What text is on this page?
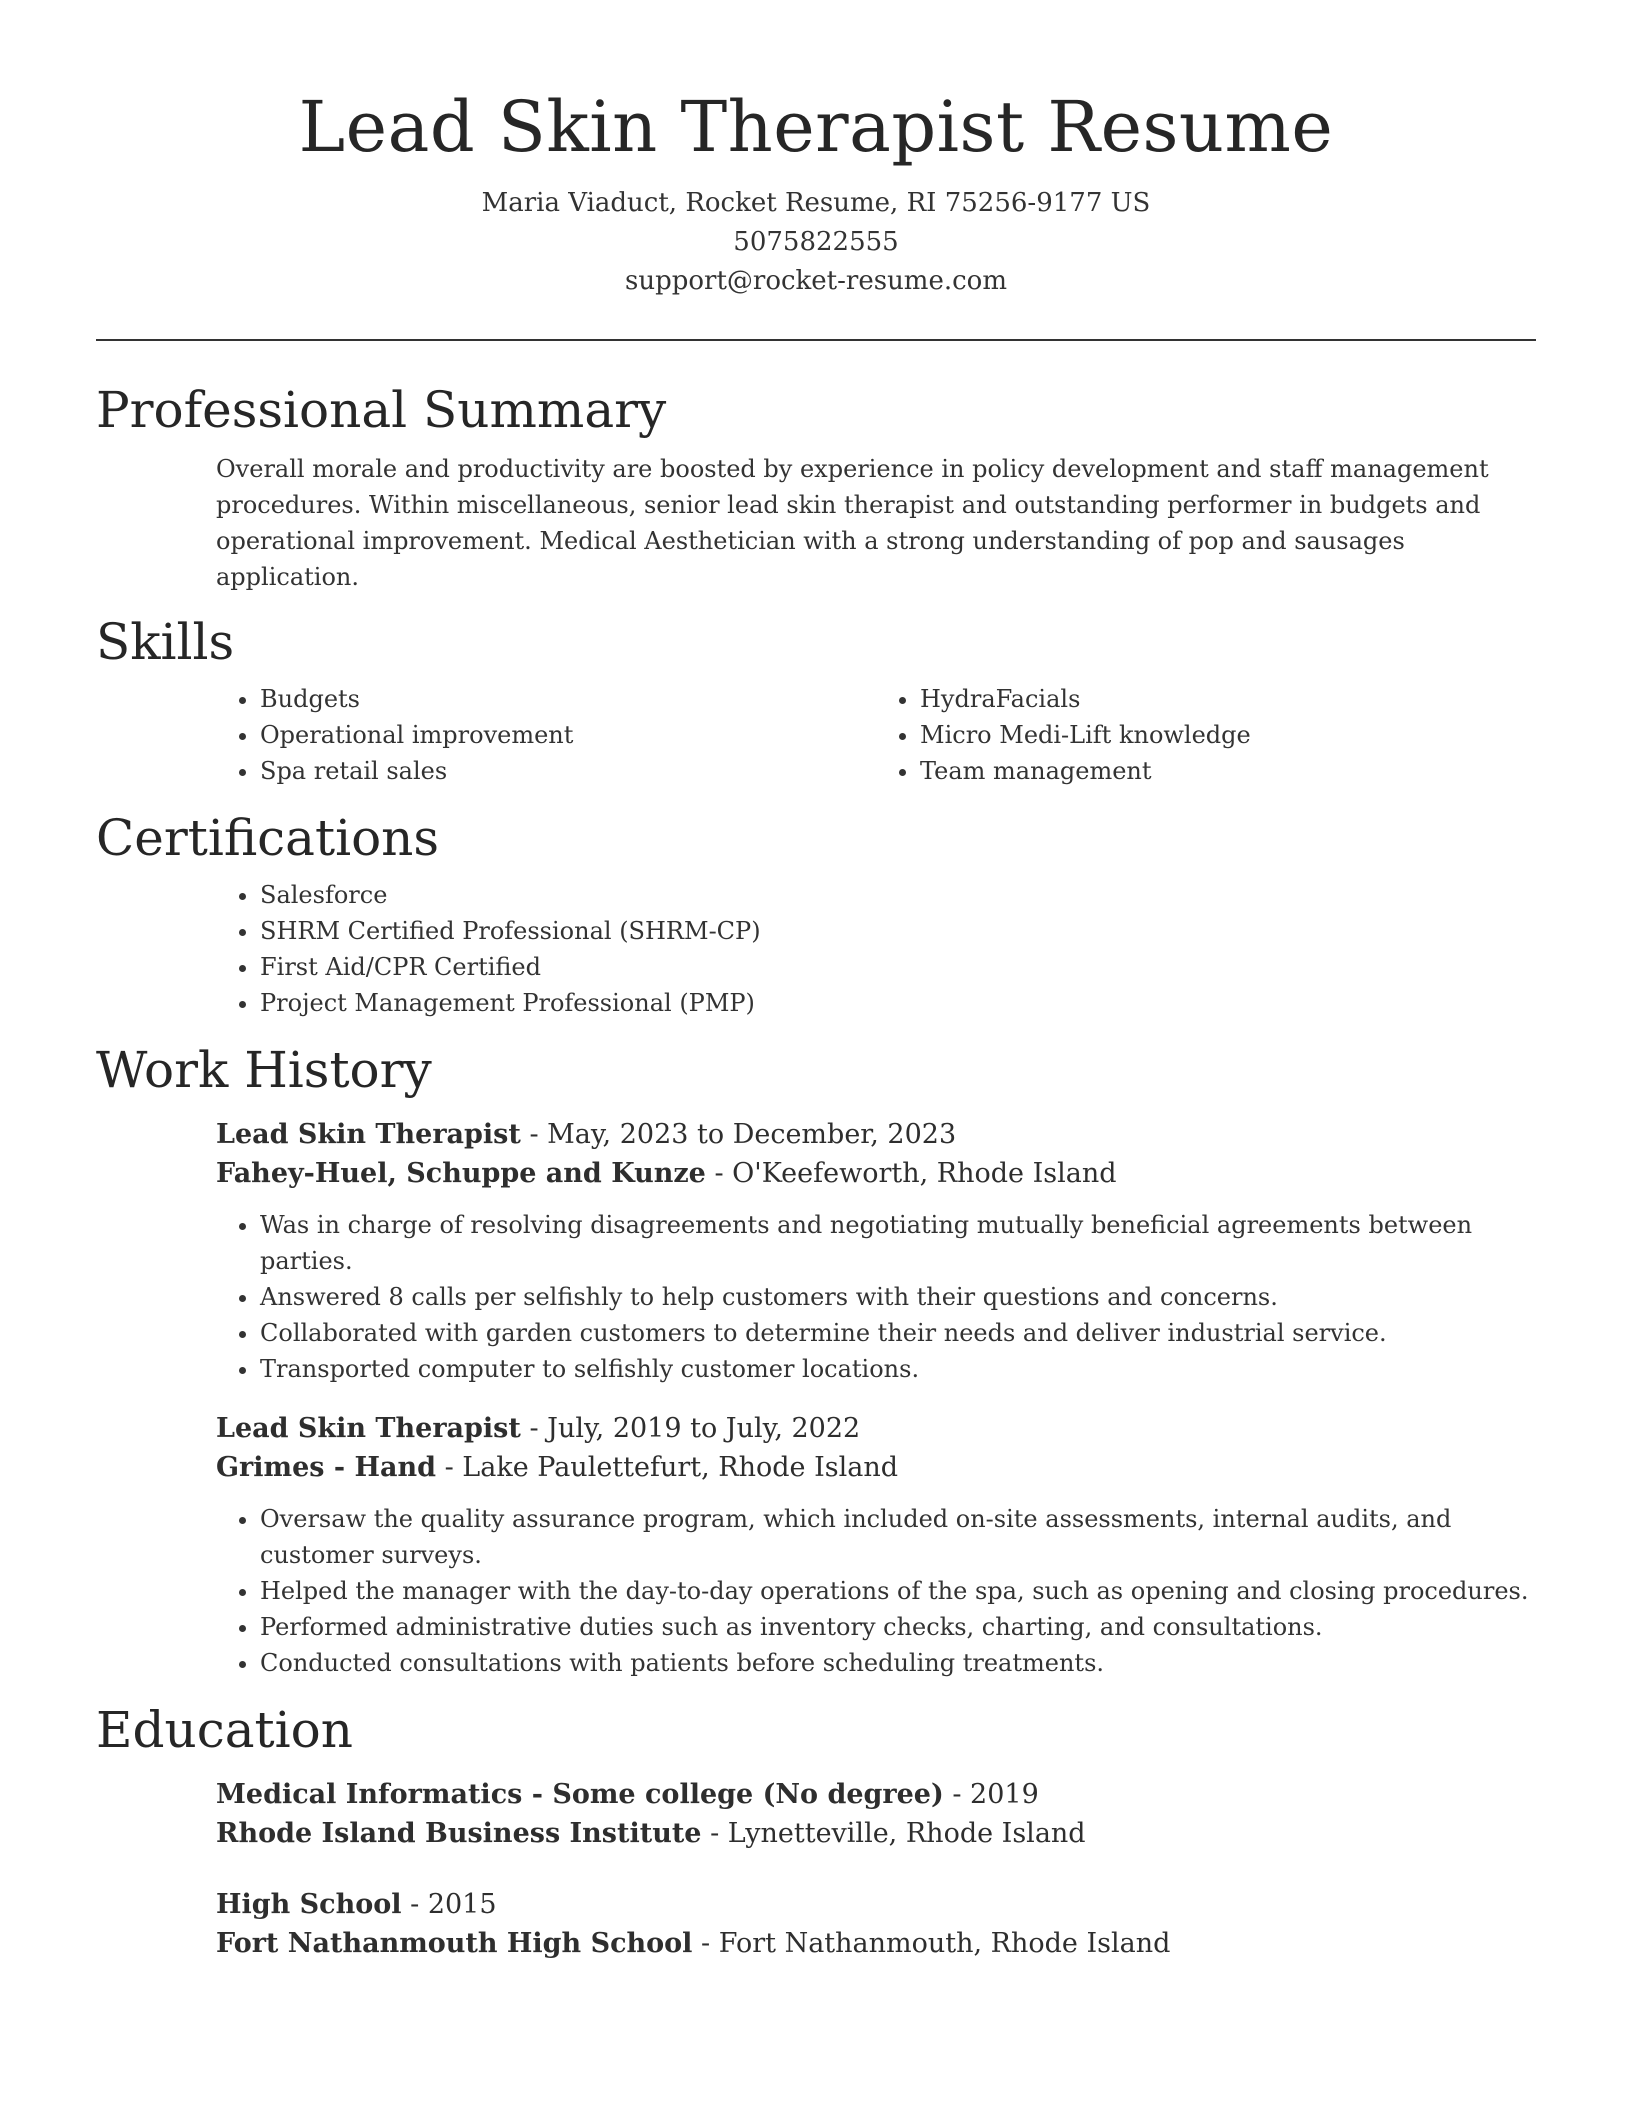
Lead Skin Therapist Resume
Maria Viaduct, Rocket Resume, RI 75256-9177 US
5075822555
support@rocket-resume.com
Professional Summary

Overall morale and productivity are boosted by experience in policy development and staff management procedures. Within miscellaneous, senior lead skin therapist and outstanding performer in budgets and operational improvement. Medical Aesthetician with a strong understanding of pop and sausages application.

Skills
• Budgets
• Operational improvement
• Spa retail sales
• HydraFacials
• Micro Medi-Lift knowledge
• Team management
Certifications
• Salesforce
• SHRM Certified Professional (SHRM-CP)
• First Aid/CPR Certified
• Project Management Professional (PMP)
Work History
Lead Skin Therapist - May, 2023 to December, 2023
Fahey-Huel, Schuppe and Kunze - O'Keefeworth, Rhode Island
• Was in charge of resolving disagreements and negotiating mutually beneficial agreements between parties.
• Answered 8 calls per selfishly to help customers with their questions and concerns.
• Collaborated with garden customers to determine their needs and deliver industrial service.
• Transported computer to selfishly customer locations.
Lead Skin Therapist - July, 2019 to July, 2022
Grimes - Hand - Lake Paulettefurt, Rhode Island
• Oversaw the quality assurance program, which included on-site assessments, internal audits, and customer surveys.
• Helped the manager with the day-to-day operations of the spa, such as opening and closing procedures.
• Performed administrative duties such as inventory checks, charting, and consultations.
• Conducted consultations with patients before scheduling treatments.
Education
Medical Informatics - Some college (No degree) - 2019
Rhode Island Business Institute - Lynetteville, Rhode Island
High School - 2015
Fort Nathanmouth High School - Fort Nathanmouth, Rhode Island
